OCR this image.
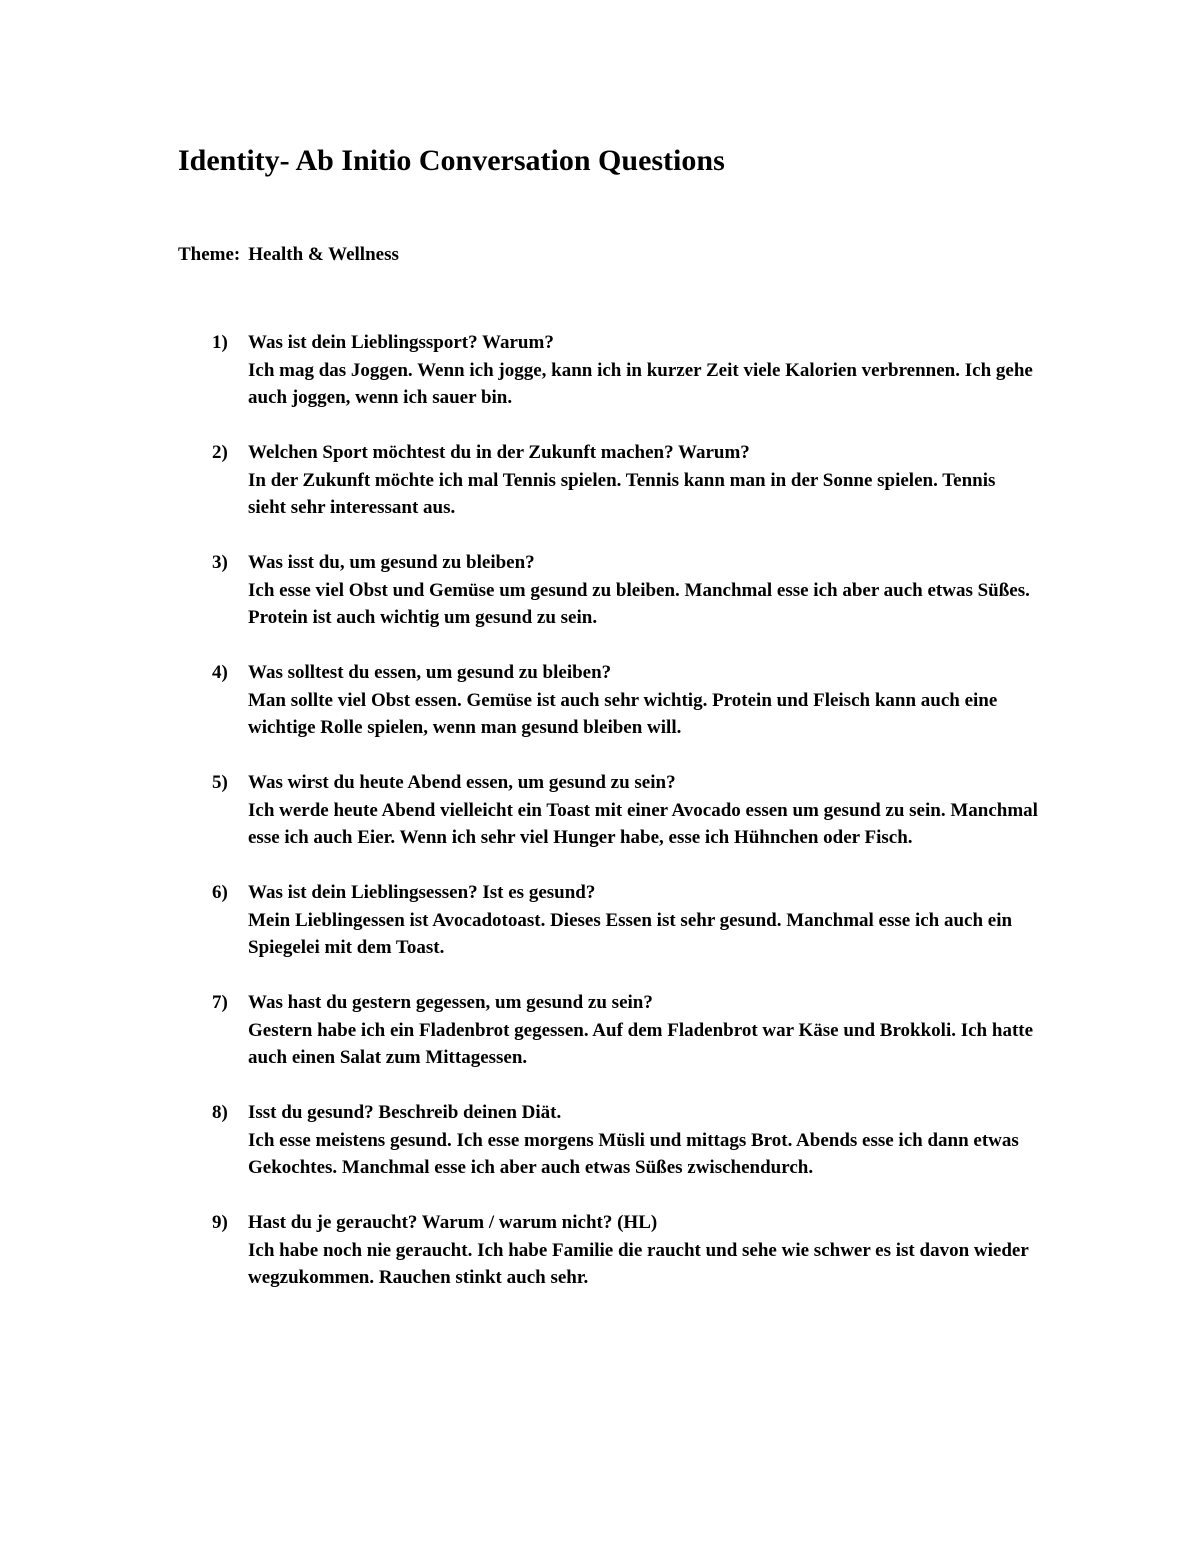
Identity- Ab Initio Conversation Questions
Theme: Health & Wellness
1) Was ist dein Lieblingssport? Warum?
Ich mag das Joggen. Wenn ich jogge, kann ich in kurzer Zeit viele Kalorien verbrennen. Ich gehe auch joggen, wenn ich sauer bin.
2) Welchen Sport möchtest du in der Zukunft machen? Warum?
In der Zukunft möchte ich mal Tennis spielen. Tennis kann man in der Sonne spielen. Tennis sieht sehr interessant aus.
3) Was isst du, um gesund zu bleiben?
Ich esse viel Obst und Gemüse um gesund zu bleiben. Manchmal esse ich aber auch etwas Süßes. Protein ist auch wichtig um gesund zu sein.
4) Was solltest du essen, um gesund zu bleiben?
Man sollte viel Obst essen. Gemüse ist auch sehr wichtig. Protein und Fleisch kann auch eine wichtige Rolle spielen, wenn man gesund bleiben will.
5) Was wirst du heute Abend essen, um gesund zu sein?
Ich werde heute Abend vielleicht ein Toast mit einer Avocado essen um gesund zu sein. Manchmal esse ich auch Eier. Wenn ich sehr viel Hunger habe, esse ich Hühnchen oder Fisch.
6) Was ist dein Lieblingsessen? Ist es gesund?
Mein Lieblingessen ist Avocadotoast. Dieses Essen ist sehr gesund. Manchmal esse ich auch ein Spiegelei mit dem Toast.
7) Was hast du gestern gegessen, um gesund zu sein?
Gestern habe ich ein Fladenbrot gegessen. Auf dem Fladenbrot war Käse und Brokkoli. Ich hatte auch einen Salat zum Mittagessen.
8) Isst du gesund? Beschreib deinen Diät.
Ich esse meistens gesund. Ich esse morgens Müsli und mittags Brot. Abends esse ich dann etwas Gekochtes. Manchmal esse ich aber auch etwas Süßes zwischendurch.
9) Hast du je geraucht? Warum / warum nicht? (HL)
Ich habe noch nie geraucht. Ich habe Familie die raucht und sehe wie schwer es ist davon wieder wegzukommen. Rauchen stinkt auch sehr.
